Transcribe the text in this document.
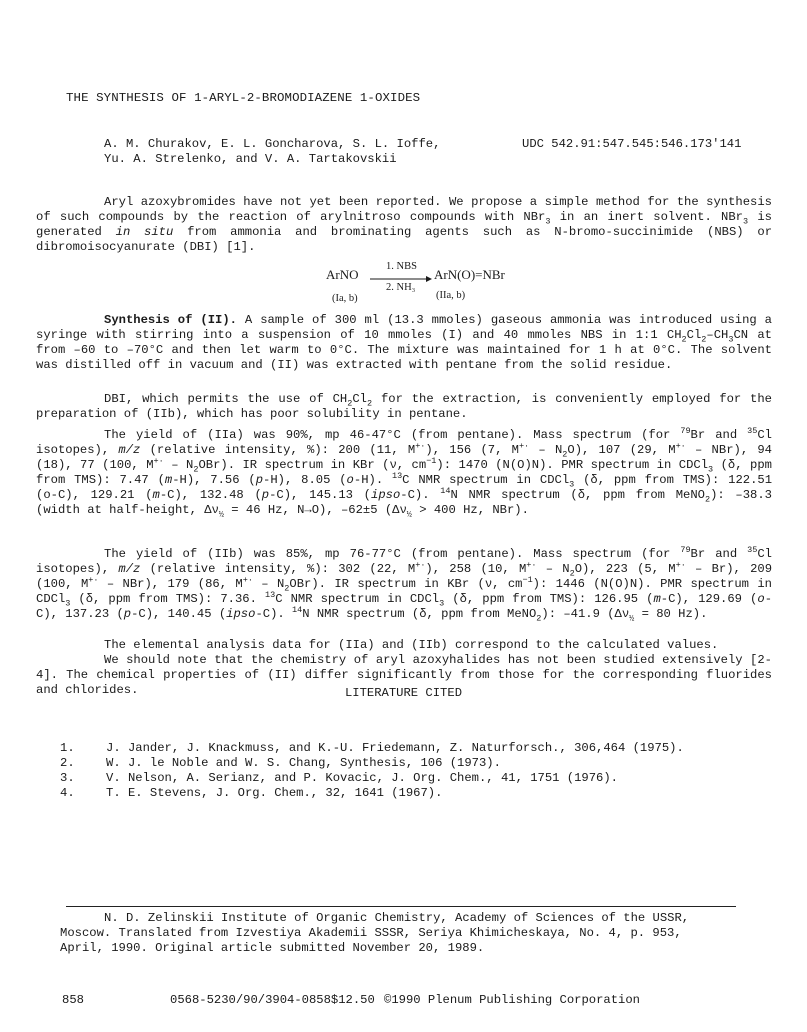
THE SYNTHESIS OF 1-ARYL-2-BROMODIAZENE 1-OXIDES
A. M. Churakov, E. L. Goncharova, S. L. Ioffe,
Yu. A. Strelenko, and V. A. Tartakovskii
UDC 542.91:547.545:546.173'141

Aryl azoxybromides have not yet been reported. We propose a simple method for the synthesis of such compounds by the reaction of arylnitroso compounds with NBr$_3$ in an inert solvent. NBr$_3$ is generated in situ from ammonia and brominating agents such as N-bromo-succinimide (NBS) or dibromoisocyanurate (DBI) [1].

ArNO
1. NBS
2. NH₃
ArN(O)=NBr
(Ia, b)	(IIa, b)

Synthesis of (II). A sample of 300 ml (13.3 mmoles) gaseous ammonia was introduced using a syringe with stirring into a suspension of 10 mmoles (I) and 40 mmoles NBS in 1:1 $CH_2Cl_2-CH_3CN$ at from –60 to –70°C and then let warm to 0°C. The mixture was maintained for 1 h at 0°C. The solvent was distilled off in vacuum and (II) was extracted with pentane from the solid residue.

DBI, which permits the use of $CH_2Cl_2$ for the extraction, is conveniently employed for the preparation of (IIb), which has poor solubility in pentane.

The yield of (IIa) was 90%, mp 46-47°C (from pentane). Mass spectrum (for $^{79}$Br and $^{35}$Cl isotopes), m/z (relative intensity, %): 200 (11, M+·), 156 (7, $M^{+\cdot} - N_2O$), 107 (29, M+· – NBr), 94 (18), 77 (100, $M^{+\cdot} - N_2OBr$). IR spectrum in KBr (ν, $cm^{-1}$): 1470 (N(O)N). PMR spectrum in CDCl$_3$ (δ, ppm from TMS): 7.47 (m-H), 7.56 (p-H), 8.05 (o-H). $^{13}$C NMR spectrum in CDCl$_3$ (δ, ppm from TMS): 122.51 (o-C), 129.21 (m-C), 132.48 (p-C), 145.13 (ipso-C). $^{14}$N NMR spectrum (δ, ppm from MeNO$_2$): –38.3 (width at half-height, $\Delta\nu_{\frac{1}{2}} = 46$ Hz, N→O), –62±5 ($\Delta\nu_{\frac{1}{2}} > 400$ Hz, NBr).

The yield of (IIb) was 85%, mp 76-77°C (from pentane). Mass spectrum (for $^{79}$Br and $^{35}$Cl isotopes), m/z (relative intensity, %): 302 (22, M+·), 258 (10, $M^{+\cdot} - N_2O$), 223 (5, M+· – Br), 209 (100, M+· – NBr), 179 (86, $M^{+\cdot} - N_2OBr$). IR spectrum in KBr (ν, $cm^{-1}$): 1446 (N(O)N). PMR spectrum in CDCl$_3$ (δ, ppm from TMS): 7.36. $^{13}$C NMR spectrum in CDCl$_3$ (δ, ppm from TMS): 126.95 (m-C), 129.69 (o-C), 137.23 (p-C), 140.45 (ipso-C). $^{14}$N NMR spectrum (δ, ppm from MeNO$_2$): –41.9 ($\Delta\nu_{\frac{1}{2}} = 80$ Hz).

The elemental analysis data for (IIa) and (IIb) correspond to the calculated values.

We should note that the chemistry of aryl azoxyhalides has not been studied extensively [2-4]. The chemical properties of (II) differ significantly from those for the corresponding fluorides and chlorides.	LITERATURE CITED
1.	J. Jander, J. Knackmuss, and K.-U. Friedemann, Z. Naturforsch., 306,464 (1975).
2.	W. J. le Noble and W. S. Chang, Synthesis, 106 (1973).
3.	V. Nelson, A. Serianz, and P. Kovacic, J. Org. Chem., 41, 1751 (1976).
4.	T. E. Stevens, J. Org. Chem., 32, 1641 (1967).
N. D. Zelinskii Institute of Organic Chemistry, Academy of Sciences of the USSR,
Moscow. Translated from Izvestiya Akademii SSSR, Seriya Khimicheskaya, No. 4, p. 953,
April, 1990. Original article submitted November 20, 1989.
858	0568-5230/90/3904-0858$12.50 ©1990 Plenum Publishing Corporation
